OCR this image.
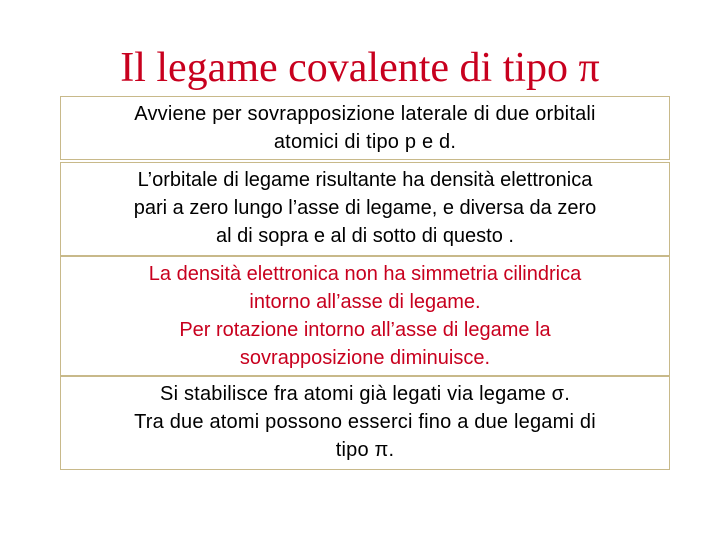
Il legame covalente di tipo π
Avviene per sovrapposizione laterale di due orbitali
atomici di tipo p e d.
L’orbitale di legame risultante ha densità elettronica
pari a zero lungo l’asse di legame, e diversa da zero
al di sopra e al di sotto di questo .
La densità elettronica non ha simmetria cilindrica
intorno all’asse di legame.
Per rotazione intorno all’asse di legame la
sovrapposizione diminuisce.
Si stabilisce fra atomi già legati via legame σ.
Tra due atomi possono esserci fino a due legami di
tipo π.
